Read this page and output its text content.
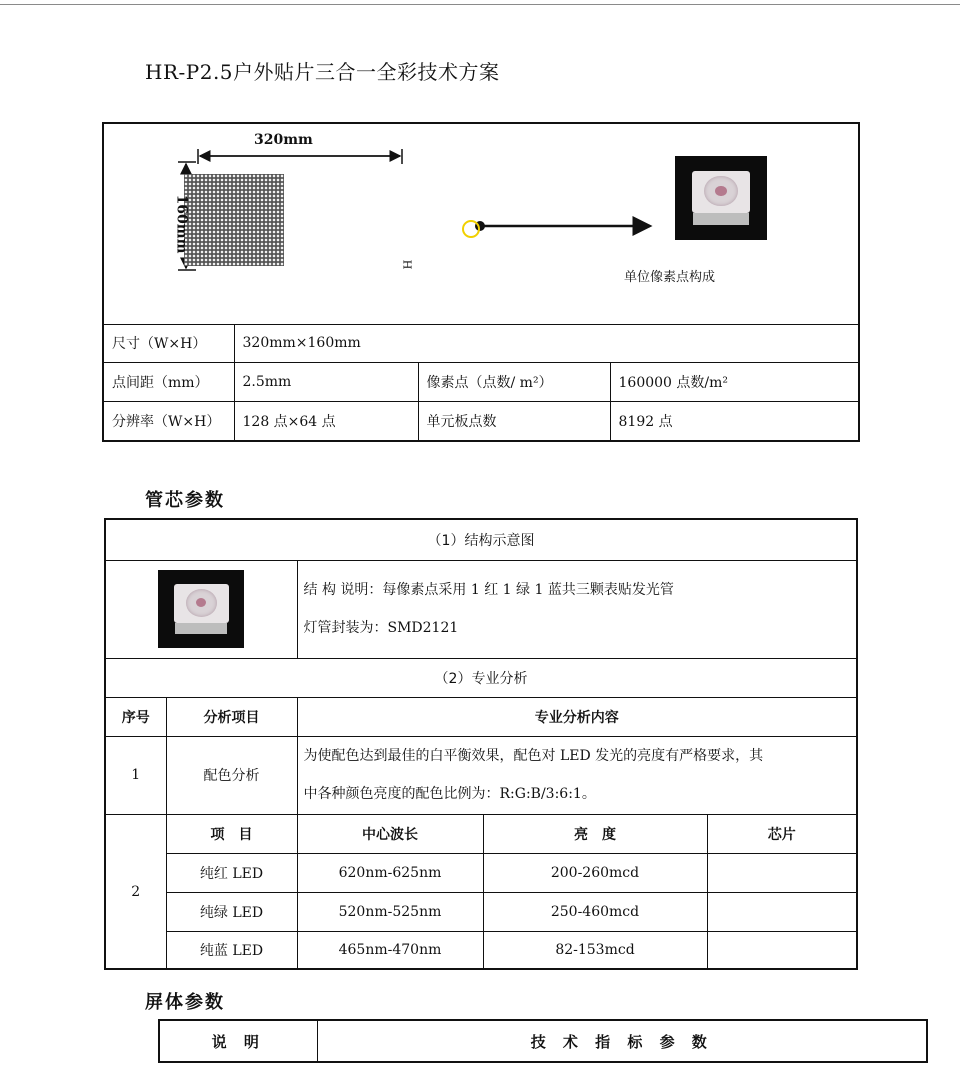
HR-P2.5户外贴片三合一全彩技术方案
320mm
160mm
H
单位像素点构成
尺寸（W×H）	320mm×160mm		
点间距（mm）	2.5mm	像素点（点数/ m²）	160000 点数/m²
分辨率（W×H）	128 点×64 点	单元板点数	8192 点
管芯参数
（1）结构示意图				

		结 构 说明：每像素点采用 1 红 1 绿 1 蓝共三颗表贴发光管
灯管封装为：SMD2121		

（2）专业分析				
序号	分析项目	专业分析内容		
1	配色分析	为使配色达到最佳的白平衡效果，配色对 LED 发光的亮度有严格要求，其
中各种颜色亮度的配色比例为：R:G:B/3:6:1。		

2	项　目	中心波长	亮　度	芯片
	纯红 LED	620nm-625nm	200-260mcd	
	纯绿 LED	520nm-525nm	250-460mcd	
	纯蓝 LED	465nm-470nm	82-153mcd	
屏体参数
说 明	技 术 指 标 参 数
